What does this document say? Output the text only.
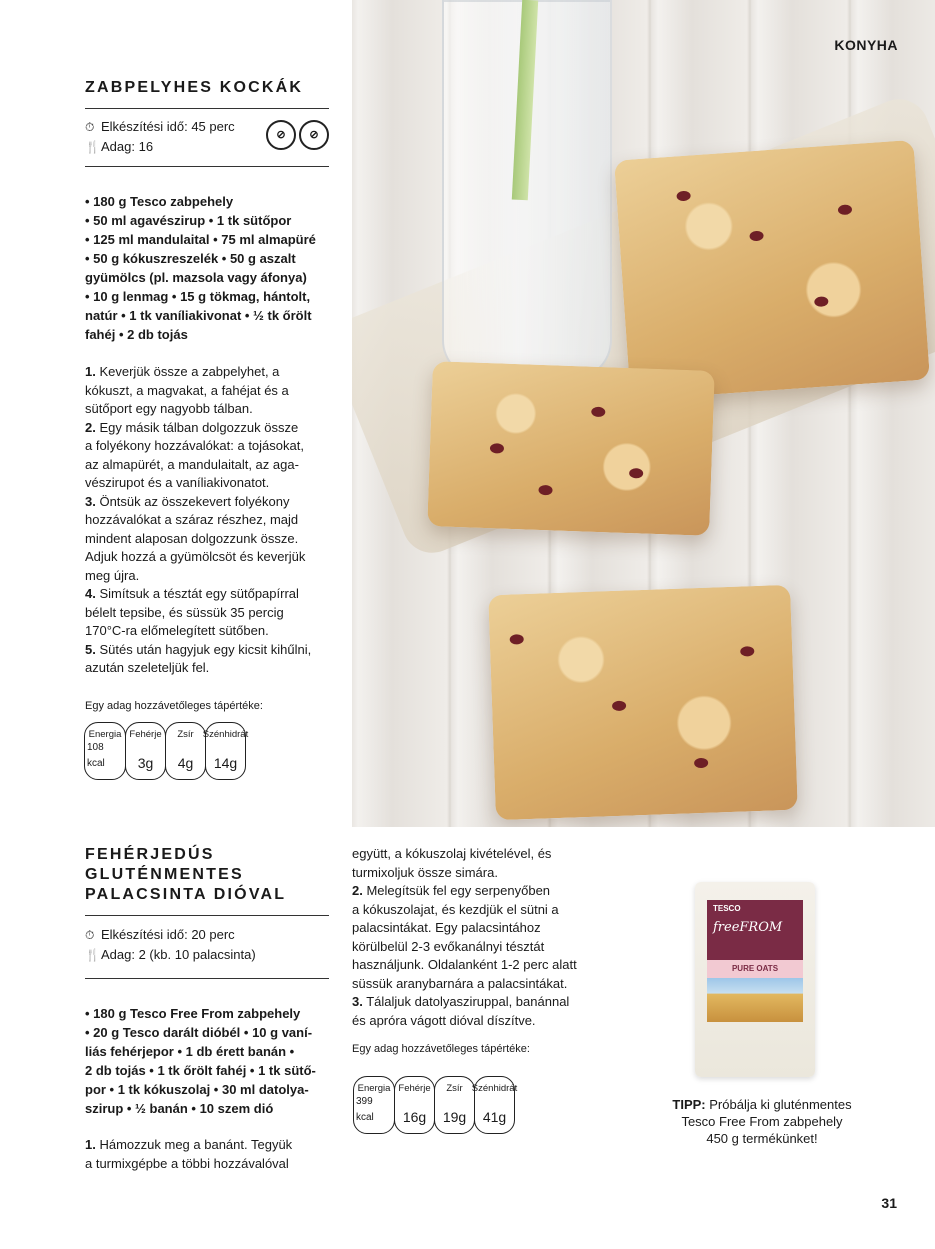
KONYHA
ZABPELYHES KOCKÁK
⏱ Elkészítési idő: 45 perc
🍴Adag: 16
⊘	⊘
• 180 g Tesco zabpehely
• 50 ml agavészirup • 1 tk sütőpor
• 125 ml mandulaital • 75 ml almapüré
• 50 g kókuszreszelék • 50 g aszalt
gyümölcs (pl. mazsola vagy áfonya)
• 10 g lenmag • 15 g tökmag, hántolt,
natúr • 1 tk vaníliakivonat • ½ tk őrölt
fahéj • 2 db tojás
1. Keverjük össze a zabpelyhet, a
kókuszt, a magvakat, a fahéjat és a
sütőport egy nagyobb tálban.
2. Egy másik tálban dolgozzuk össze
a folyékony hozzávalókat: a tojásokat,
az almapürét, a mandulaitalt, az aga-
vészirupot és a vaníliakivonatot.
3. Öntsük az összekevert folyékony
hozzávalókat a száraz részhez, majd
mindent alaposan dolgozzunk össze.
Adjuk hozzá a gyümölcsöt és keverjük
meg újra.
4. Simítsuk a tésztát egy sütőpapírral
bélelt tepsibe, és süssük 35 percig
170°C-ra előmelegített sütőben.
5. Sütés után hagyjuk egy kicsit kihűlni,
azután szeleteljük fel.
Egy adag hozzávetőleges tápértéke:
Energia
108 kcal
Fehérje
3g
Zsír
4g
Szénhidrát
14g
FEHÉRJEDÚS
GLUTÉNMENTES
PALACSINTA DIÓVAL
⏱ Elkészítési idő: 20 perc
🍴Adag: 2 (kb. 10 palacsinta)
• 180 g Tesco Free From zabpehely
• 20 g Tesco darált dióbél • 10 g vaní-
liás fehérjepor • 1 db érett banán •
2 db tojás • 1 tk őrölt fahéj • 1 tk sütő-
por • 1 tk kókuszolaj • 30 ml datolya-
szirup • ½ banán • 10 szem dió
1. Hámozzuk meg a banánt. Tegyük
a turmixgépbe a többi hozzávalóval
együtt, a kókuszolaj kivételével, és
turmixoljuk össze simára.
2. Melegítsük fel egy serpenyőben
a kókuszolajat, és kezdjük el sütni a
palacsintákat. Egy palacsintához
körülbelül 2-3 evőkanálnyi tésztát
használjunk. Oldalanként 1-2 perc alatt
süssük aranybarnára a palacsintákat.
3. Tálaljuk datolyasziruppal, banánnal
és apróra vágott dióval díszítve.
Egy adag hozzávetőleges tápértéke:
Energia
399 kcal
Fehérje
16g
Zsír
19g
Szénhidrát
41g
TESCO
freeFROM
PURE OATS
TIPP: Próbálja ki gluténmentes
Tesco Free From zabpehely
450 g termékünket!
31
